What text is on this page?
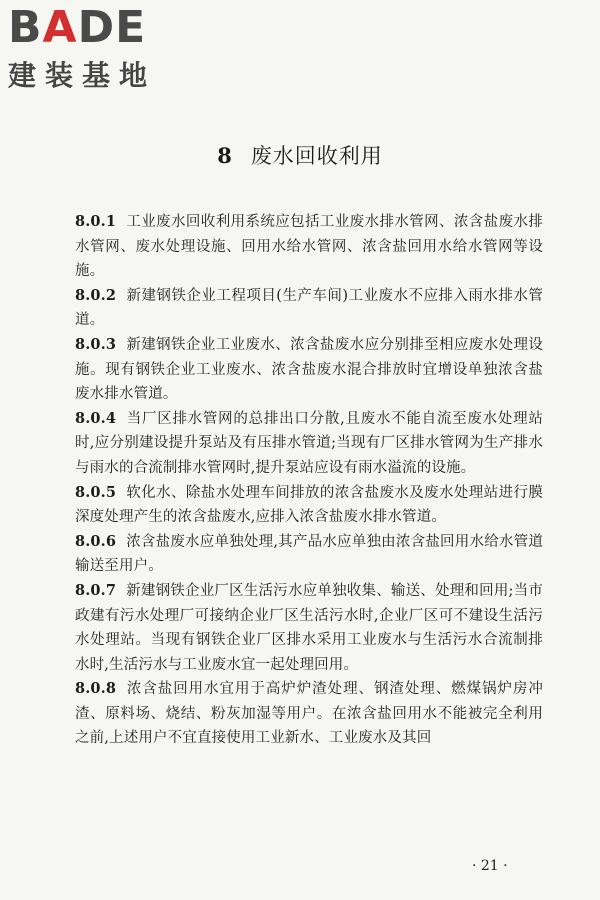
BADE
建装基地
8 废水回收利用

8.0.1 工业废水回收利用系统应包括工业废水排水管网、浓含盐废水排水管网、废水处理设施、回用水给水管网、浓含盐回用水给水管网等设施。

8.0.2 新建钢铁企业工程项目(生产车间)工业废水不应排入雨水排水管道。

8.0.3 新建钢铁企业工业废水、浓含盐废水应分别排至相应废水处理设施。现有钢铁企业工业废水、浓含盐废水混合排放时宜增设单独浓含盐废水排水管道。

8.0.4 当厂区排水管网的总排出口分散,且废水不能自流至废水处理站时,应分别建设提升泵站及有压排水管道;当现有厂区排水管网为生产排水与雨水的合流制排水管网时,提升泵站应设有雨水溢流的设施。

8.0.5 软化水、除盐水处理车间排放的浓含盐废水及废水处理站进行膜深度处理产生的浓含盐废水,应排入浓含盐废水排水管道。

8.0.6 浓含盐废水应单独处理,其产品水应单独由浓含盐回用水给水管道输送至用户。

8.0.7 新建钢铁企业厂区生活污水应单独收集、输送、处理和回用;当市政建有污水处理厂可接纳企业厂区生活污水时,企业厂区可不建设生活污水处理站。当现有钢铁企业厂区排水采用工业废水与生活污水合流制排水时,生活污水与工业废水宜一起处理回用。

8.0.8 浓含盐回用水宜用于高炉炉渣处理、钢渣处理、燃煤锅炉房冲渣、原料场、烧结、粉灰加湿等用户。在浓含盐回用水不能被完全利用之前,上述用户不宜直接使用工业新水、工业废水及其回

· 21 ·
